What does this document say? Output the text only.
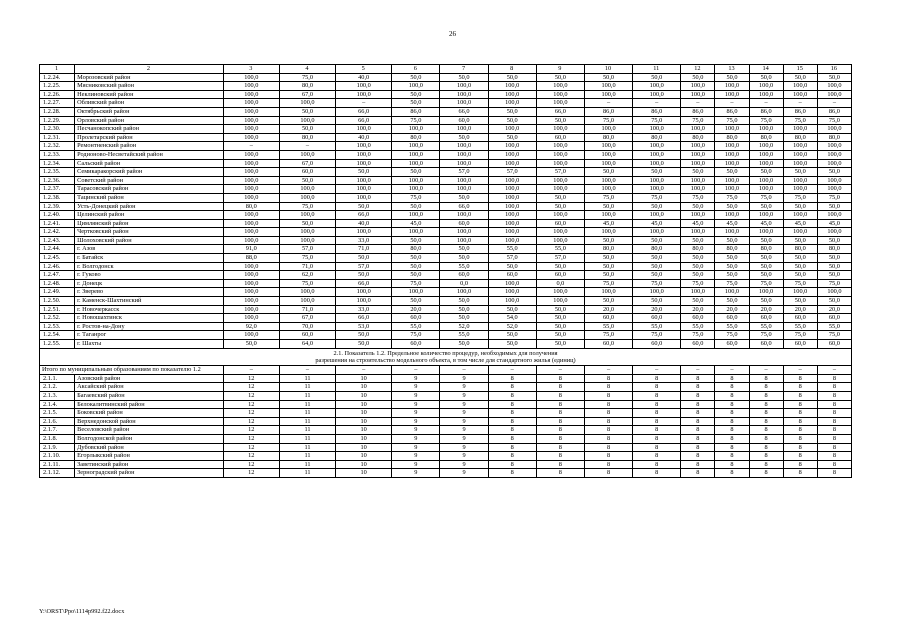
26
1	2	3	4	5	6	7	8	9	10	11	12	13	14	15	16
1.2.24.	Морозовский район	100,0	75,0	40,0	50,0	50,0	50,0	50,0	50,0	50,0	50,0	50,0	50,0	50,0	50,0
1.2.25.	Мясниковский район	100,0	80,0	100,0	100,0	100,0	100,0	100,0	100,0	100,0	100,0	100,0	100,0	100,0	100,0
1.2.26.	Неклиновский район	100,0	67,0	100,0	50,0	100,0	100,0	100,0	100,0	100,0	100,0	100,0	100,0	100,0	100,0
1.2.27.	Обливский район	100,0	100,0	–	50,0	100,0	100,0	100,0	–	–	–	–	–	–	–
1.2.28.	Октябрьский район	100,0	50,0	66,0	86,0	66,0	50,0	66,0	86,0	86,0	86,0	86,0	86,0	86,0	86,0
1.2.29.	Орловский район	100,0	100,0	66,0	75,0	60,0	50,0	50,0	75,0	75,0	75,0	75,0	75,0	75,0	75,0
1.2.30.	Песчанокопский район	100,0	50,0	100,0	100,0	100,0	100,0	100,0	100,0	100,0	100,0	100,0	100,0	100,0	100,0
1.2.31.	Пролетарский район	100,0	80,0	40,0	80,0	50,0	50,0	60,0	80,0	80,0	80,0	80,0	80,0	80,0	80,0
1.2.32.	Ремонтненский район	–	–	100,0	100,0	100,0	100,0	100,0	100,0	100,0	100,0	100,0	100,0	100,0	100,0
1.2.33.	Родионово-Несветайский район	100,0	100,0	100,0	100,0	100,0	100,0	100,0	100,0	100,0	100,0	100,0	100,0	100,0	100,0
1.2.34.	Сальский район	100,0	67,0	100,0	100,0	100,0	100,0	100,0	100,0	100,0	100,0	100,0	100,0	100,0	100,0
1.2.35.	Семикаракорский район	100,0	60,0	50,0	50,0	57,0	57,0	57,0	50,0	50,0	50,0	50,0	50,0	50,0	50,0
1.2.36.	Советский район	100,0	50,0	100,0	100,0	100,0	100,0	100,0	100,0	100,0	100,0	100,0	100,0	100,0	100,0
1.2.37.	Тарасовский район	100,0	100,0	100,0	100,0	100,0	100,0	100,0	100,0	100,0	100,0	100,0	100,0	100,0	100,0
1.2.38.	Тацинский район	100,0	100,0	100,0	75,0	50,0	100,0	50,0	75,0	75,0	75,0	75,0	75,0	75,0	75,0
1.2.39.	Усть-Донецкий район	80,0	75,0	50,0	50,0	66,0	100,0	50,0	50,0	50,0	50,0	50,0	50,0	50,0	50,0
1.2.40.	Целинский район	100,0	100,0	66,0	100,0	100,0	100,0	100,0	100,0	100,0	100,0	100,0	100,0	100,0	100,0
1.2.41.	Цимлянский район	100,0	50,0	40,0	45,0	60,0	100,0	60,0	45,0	45,0	45,0	45,0	45,0	45,0	45,0
1.2.42.	Чертковский район	100,0	100,0	100,0	100,0	100,0	100,0	100,0	100,0	100,0	100,0	100,0	100,0	100,0	100,0
1.2.43.	Шолоховский район	100,0	100,0	33,0	50,0	100,0	100,0	100,0	50,0	50,0	50,0	50,0	50,0	50,0	50,0
1.2.44.	г. Азов	91,0	57,0	71,0	80,0	50,0	55,0	55,0	80,0	80,0	80,0	80,0	80,0	80,0	80,0
1.2.45.	г. Батайск	88,0	75,0	50,0	50,0	50,0	57,0	57,0	50,0	50,0	50,0	50,0	50,0	50,0	50,0
1.2.46.	г. Волгодонск	100,0	71,0	57,0	50,0	55,0	50,0	50,0	50,0	50,0	50,0	50,0	50,0	50,0	50,0
1.2.47.	г. Гуково	100,0	62,0	50,0	50,0	60,0	60,0	60,0	50,0	50,0	50,0	50,0	50,0	50,0	50,0
1.2.48.	г. Донецк	100,0	75,0	66,0	75,0	0,0	100,0	0,0	75,0	75,0	75,0	75,0	75,0	75,0	75,0
1.2.49.	г. Зверево	100,0	100,0	100,0	100,0	100,0	100,0	100,0	100,0	100,0	100,0	100,0	100,0	100,0	100,0
1.2.50.	г. Каменск-Шахтинский	100,0	100,0	100,0	50,0	50,0	100,0	100,0	50,0	50,0	50,0	50,0	50,0	50,0	50,0
1.2.51.	г. Новочеркасск	100,0	71,0	33,0	20,0	50,0	50,0	50,0	20,0	20,0	20,0	20,0	20,0	20,0	20,0
1.2.52.	г. Новошахтинск	100,0	67,0	66,0	60,0	50,0	54,0	50,0	60,0	60,0	60,0	60,0	60,0	60,0	60,0
1.2.53.	г. Ростов-на-Дону	92,0	70,0	53,0	55,0	52,0	52,0	50,0	55,0	55,0	55,0	55,0	55,0	55,0	55,0
1.2.54.	г. Таганрог	100,0	60,0	50,0	75,0	55,0	50,0	50,0	75,0	75,0	75,0	75,0	75,0	75,0	75,0
1.2.55.	г. Шахты	50,0	64,0	50,0	60,0	50,0	50,0	50,0	60,0	60,0	60,0	60,0	60,0	60,0	60,0

2.1. Показатель 1.2. Предельное количество процедур, необходимых для получения
разрешения на строительство модельного объекта, в том числе для стандартного жилья (единиц)															

Итого по муниципальным образованиям по показателю 1.2		–	–	–	–	–	–	–	–	–	–	–	–	–	–
2.1.1.	Азовский район	12	11	10	9	9	8	8	8	8	8	8	8	8	8
2.1.2.	Аксайский район	12	11	10	9	9	8	8	8	8	8	8	8	8	8
2.1.3.	Багаевский район	12	11	10	9	9	8	8	8	8	8	8	8	8	8
2.1.4.	Белокалитвинский район	12	11	10	9	9	8	8	8	8	8	8	8	8	8
2.1.5.	Боковский район	12	11	10	9	9	8	8	8	8	8	8	8	8	8
2.1.6.	Верхнедонской район	12	11	10	9	9	8	8	8	8	8	8	8	8	8
2.1.7.	Веселовский район	12	11	10	9	9	8	8	8	8	8	8	8	8	8
2.1.8.	Волгодонской район	12	11	10	9	9	8	8	8	8	8	8	8	8	8
2.1.9.	Дубовский район	12	11	10	9	9	8	8	8	8	8	8	8	8	8
2.1.10.	Егорлыкский район	12	11	10	9	9	8	8	8	8	8	8	8	8	8
2.1.11.	Заветинский район	12	11	10	9	9	8	8	8	8	8	8	8	8	8
2.1.12.	Зерноградский район	12	11	10	9	9	8	8	8	8	8	8	8	8	8
Y:\ORST\Ppo\1114p992.f22.docx
